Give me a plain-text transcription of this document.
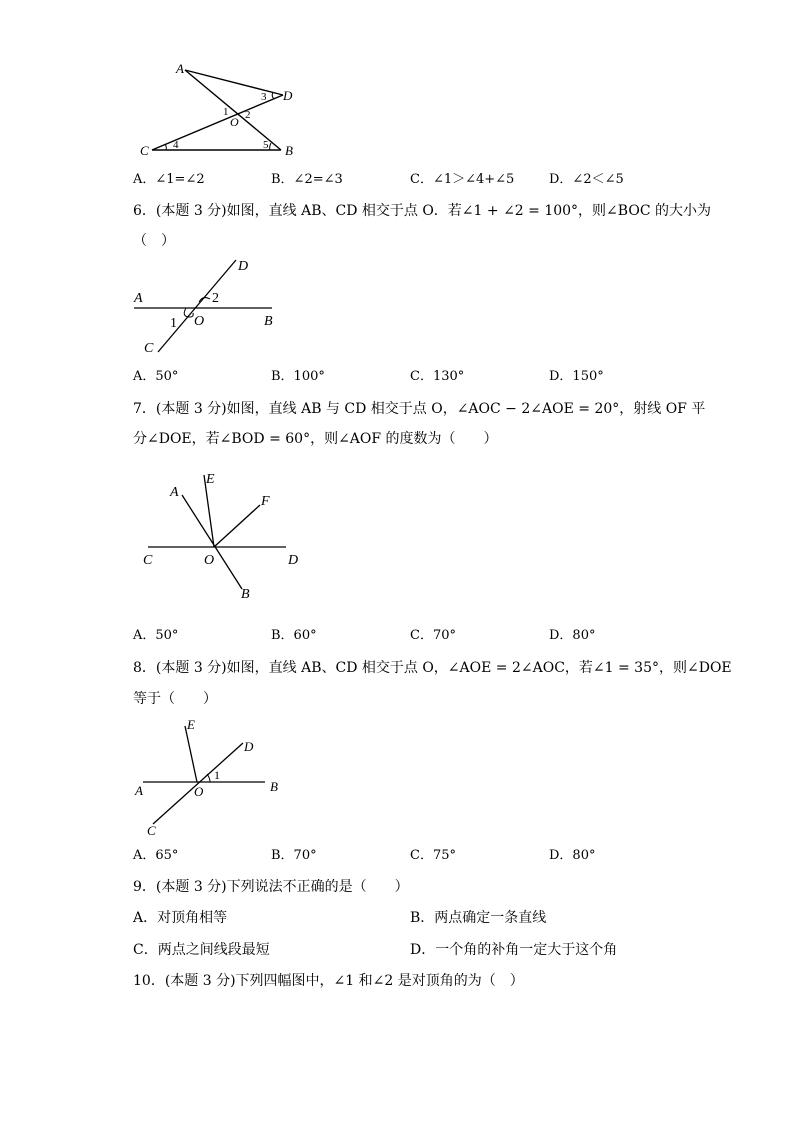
A
D
C	B
O
1 2
3
4	5
A．∠1=∠2	B．∠2=∠3	C．∠1＞∠4+∠5	D．∠2＜∠5
6．(本题 3 分)如图，直线 AB、CD 相交于点 O．若∠1 + ∠2 = 100°，则∠BOC 的大小为
（　）
A
B
C
D
O
1
2
A．50°	B．100°	C．130°	D．150°
7．(本题 3 分)如图，直线 AB 与 CD 相交于点 O，∠AOC − 2∠AOE = 20°，射线 OF 平
分∠DOE，若∠BOD = 60°，则∠AOF 的度数为（　　）
A
E
F
C	O	D
B
A．50°	B．60°	C．70°	D．80°
8．(本题 3 分)如图，直线 AB、CD 相交于点 O，∠AOE = 2∠AOC，若∠1 = 35°，则∠DOE
等于（　　）
E
D
A	O	B
C
1
A．65°	B．70°	C．75°	D．80°
9．(本题 3 分)下列说法不正确的是（　　）
A．对顶角相等	B．两点确定一条直线
C．两点之间线段最短	D．一个角的补角一定大于这个角
10．(本题 3 分)下列四幅图中，∠1 和∠2 是对顶角的为（　）
